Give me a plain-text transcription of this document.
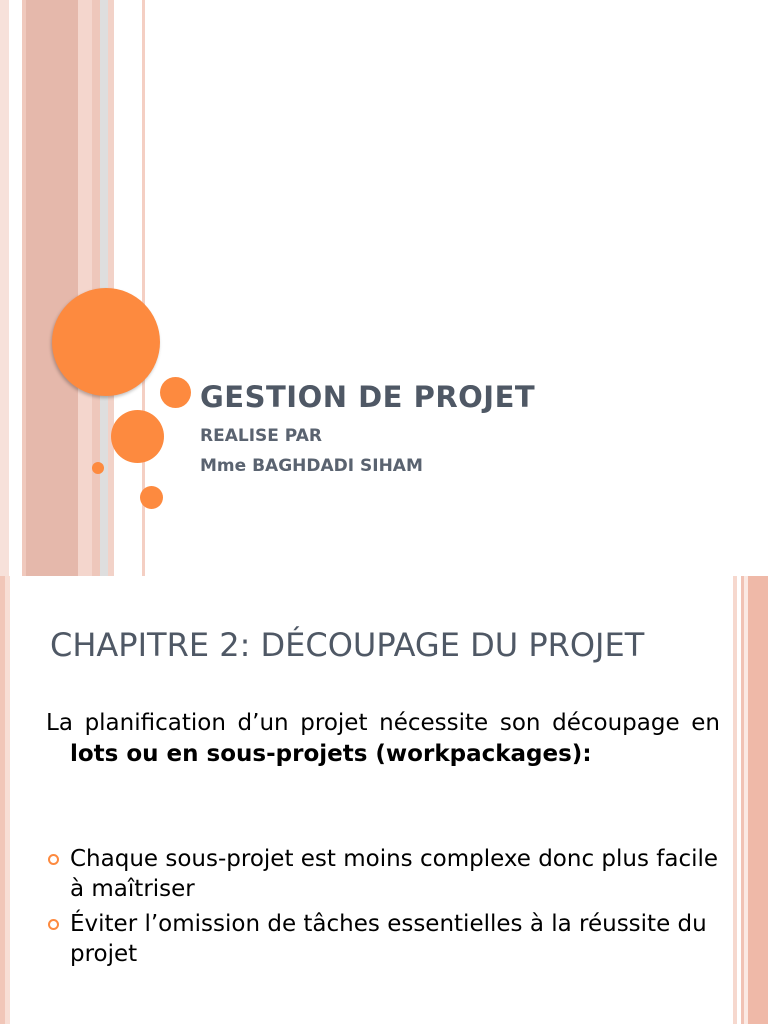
GESTION DE PROJET

REALISE PAR

Mme BAGHDADI SIHAM

CHAPITRE 2: DÉCOUPAGE DU PROJET

La planification d’un projet nécessite son découpage en lots ou en sous-projets (workpackages):

Chaque sous-projet est moins complexe donc plus facile à maîtriser
Éviter l’omission de tâches essentielles à la réussite du projet
